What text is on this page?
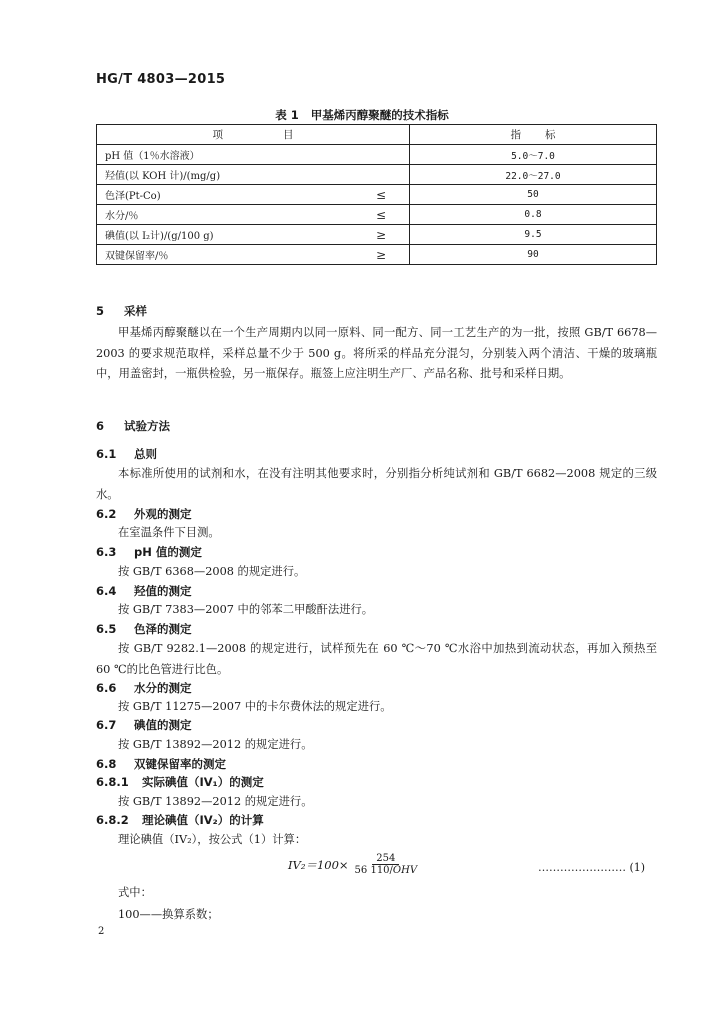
HG/T 4803—2015
表 1 甲基烯丙醇聚醚的技术指标
项目		指标
pH 值（1％水溶液）		5.0～7.0
羟值(以 KOH 计)/(mg/g)		22.0～27.0
色泽(Pt-Co)	≤	50
水分/％	≤	0.8
碘值(以 I₂计)/(g/100 g)	≥	9.5
双键保留率/％	≥	90
5 采样
甲基烯丙醇聚醚以在一个生产周期内以同一原料、同一配方、同一工艺生产的为一批，按照 GB/T 6678—2003 的要求规范取样，采样总量不少于 500 g。将所采的样品充分混匀，分别装入两个清洁、干燥的玻璃瓶中，用盖密封，一瓶供检验，另一瓶保存。瓶签上应注明生产厂、产品名称、批号和采样日期。
6 试验方法
6.1 总则
本标准所使用的试剂和水，在没有注明其他要求时，分别指分析纯试剂和 GB/T 6682—2008 规定的三级水。
6.2 外观的测定
在室温条件下目测。
6.3 pH 值的测定
按 GB/T 6368—2008 的规定进行。
6.4 羟值的测定
按 GB/T 7383—2007 中的邻苯二甲酸酐法进行。
6.5 色泽的测定
按 GB/T 9282.1—2008 的规定进行，试样预先在 60 ℃～70 ℃水浴中加热到流动状态，再加入预热至 60 ℃的比色管进行比色。
6.6 水分的测定
按 GB/T 11275—2007 中的卡尔费休法的规定进行。
6.7 碘值的测定
按 GB/T 13892—2012 的规定进行。
6.8 双键保留率的测定
6.8.1 实际碘值（IV₁）的测定
按 GB/T 13892—2012 的规定进行。
6.8.2 理论碘值（IV₂）的计算
理论碘值（IV₂），按公式（1）计算：
$IV_2=100\times \frac{254}{\text{56 110/OHV}}$	…………………… (1)
式中：
100——换算系数；
2
